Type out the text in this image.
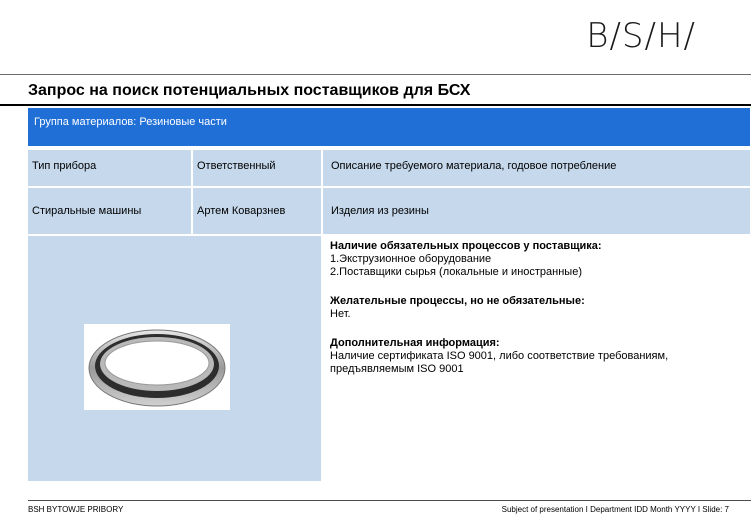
B/S/H/
Запрос на поиск потенциальных поставщиков для БСХ
Группа материалов: Резиновые части
Тип прибора	Ответственный	Описание требуемого материала, годовое потребление
Стиральные машины	Артем Коварзнев	Изделия из резины
Наличие обязательных процессов у поставщика:
1.Экструзионное оборудование
2.Поставщики сырья (локальные и иностранные)
Желательные процессы, но не обязательные:
Нет.
Дополнительная информация:
Наличие сертификата ISO 9001, либо соответствие требованиям, предъявляемым ISO 9001
BSH BYTOWJE PRIBORY	Subject of presentation I Department IDD Month YYYY I Slide: 7
